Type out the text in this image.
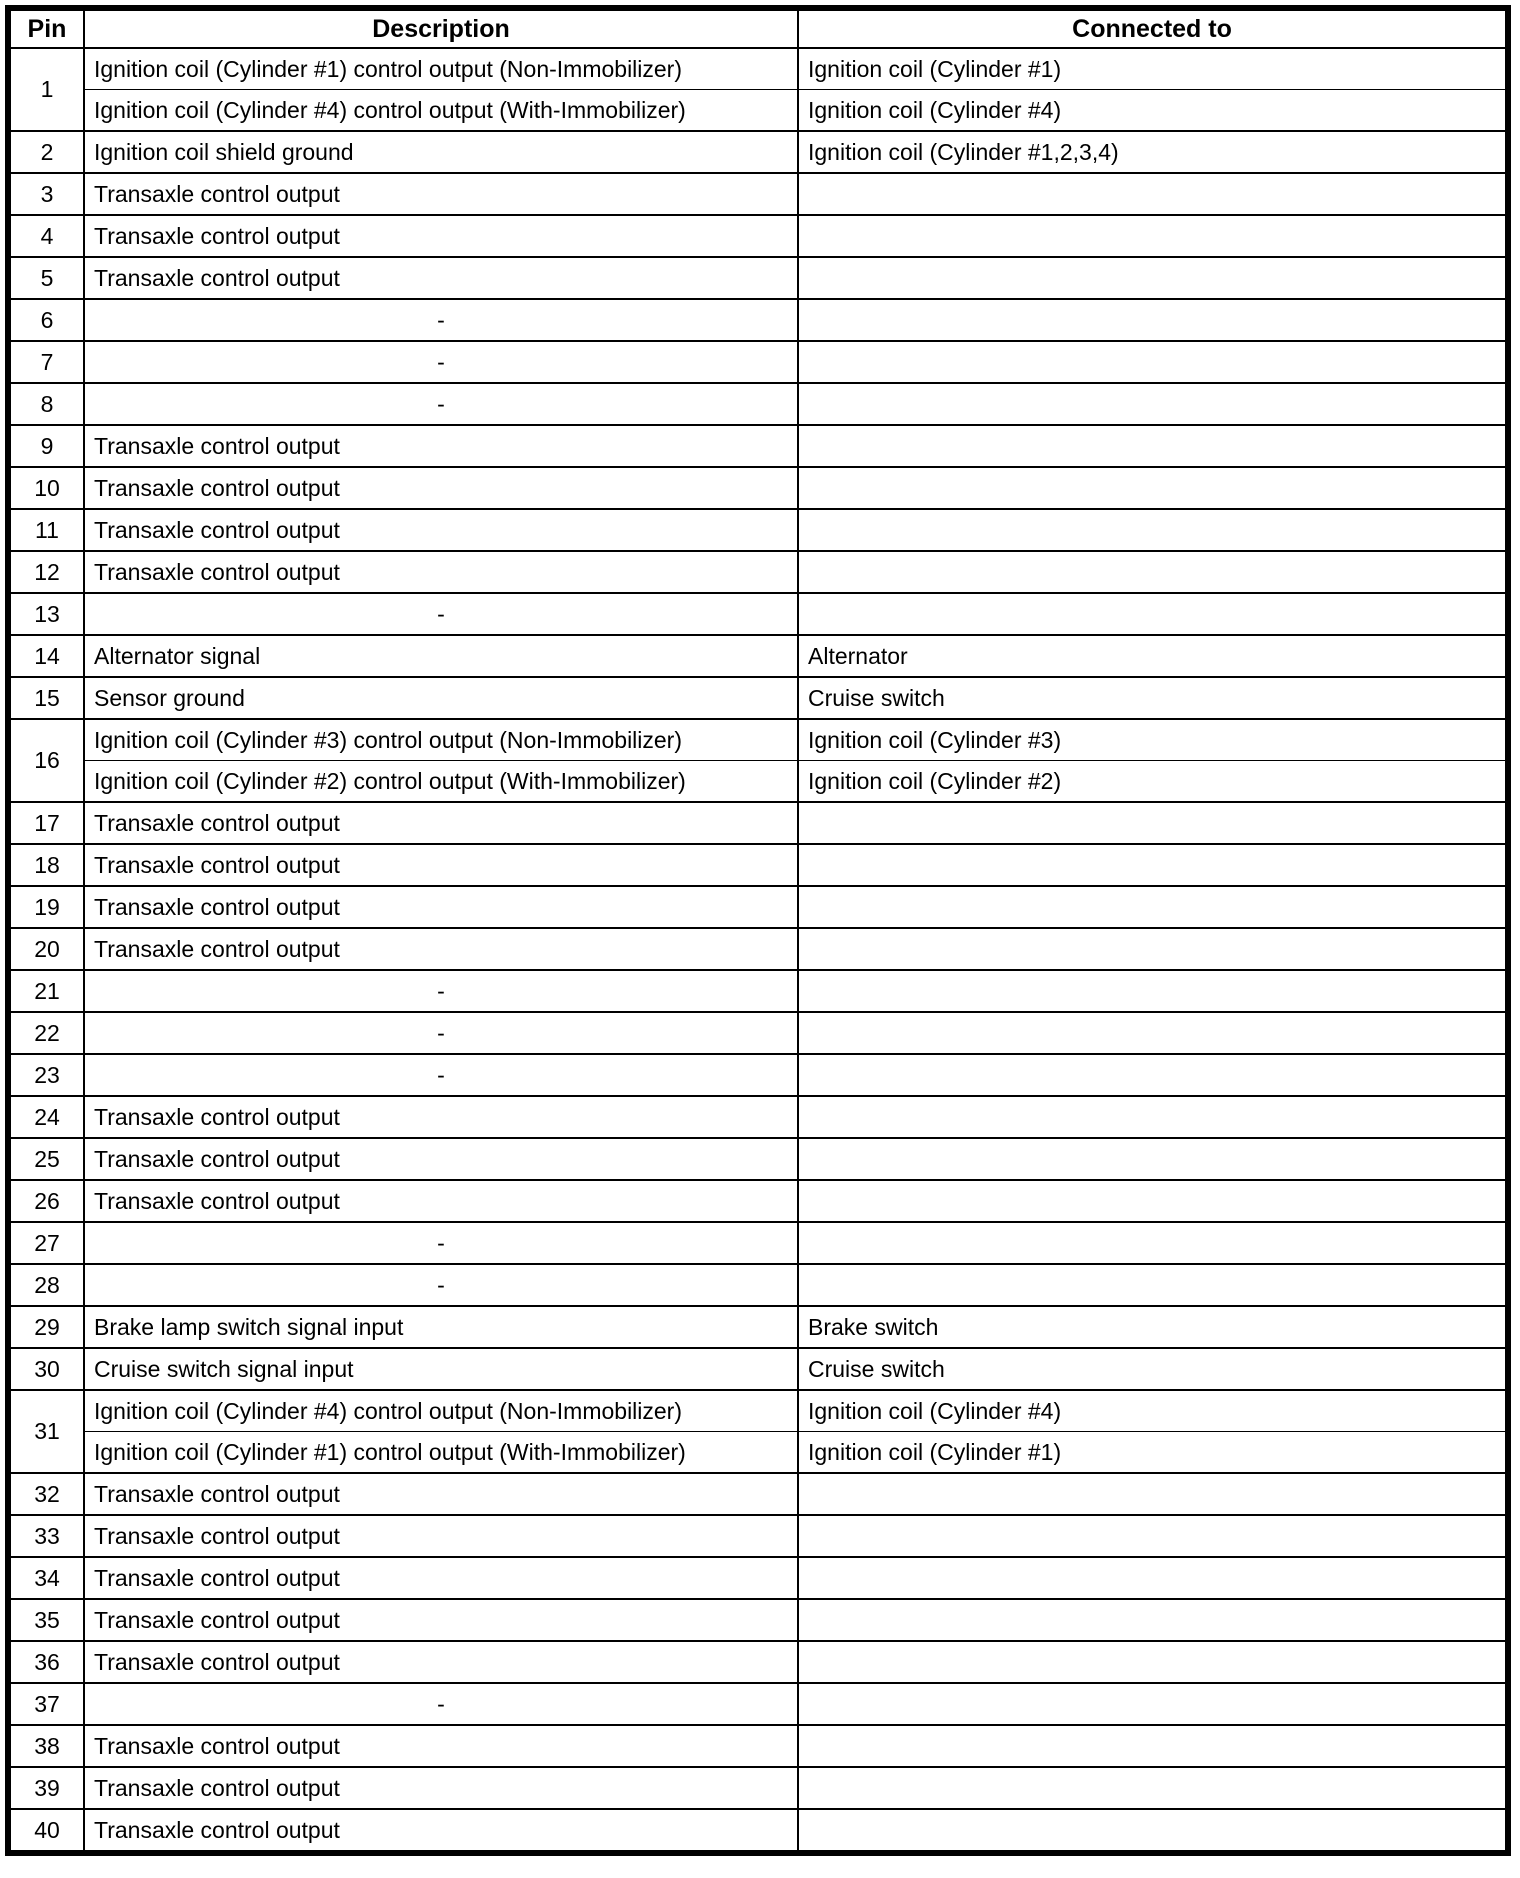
Pin	Description	Connected to
1	Ignition coil (Cylinder #1) control output (Non-Immobilizer)	Ignition coil (Cylinder #1)
	Ignition coil (Cylinder #4) control output (With-Immobilizer)	Ignition coil (Cylinder #4)
2	Ignition coil shield ground	Ignition coil (Cylinder #1,2,3,4)
3	Transaxle control output	
4	Transaxle control output	
5	Transaxle control output	
6	-	
7	-	
8	-	
9	Transaxle control output	
10	Transaxle control output	
11	Transaxle control output	
12	Transaxle control output	
13	-	
14	Alternator signal	Alternator
15	Sensor ground	Cruise switch
16	Ignition coil (Cylinder #3) control output (Non-Immobilizer)	Ignition coil (Cylinder #3)
	Ignition coil (Cylinder #2) control output (With-Immobilizer)	Ignition coil (Cylinder #2)
17	Transaxle control output	
18	Transaxle control output	
19	Transaxle control output	
20	Transaxle control output	
21	-	
22	-	
23	-	
24	Transaxle control output	
25	Transaxle control output	
26	Transaxle control output	
27	-	
28	-	
29	Brake lamp switch signal input	Brake switch
30	Cruise switch signal input	Cruise switch
31	Ignition coil (Cylinder #4) control output (Non-Immobilizer)	Ignition coil (Cylinder #4)
	Ignition coil (Cylinder #1) control output (With-Immobilizer)	Ignition coil (Cylinder #1)
32	Transaxle control output	
33	Transaxle control output	
34	Transaxle control output	
35	Transaxle control output	
36	Transaxle control output	
37	-	
38	Transaxle control output	
39	Transaxle control output	
40	Transaxle control output	
